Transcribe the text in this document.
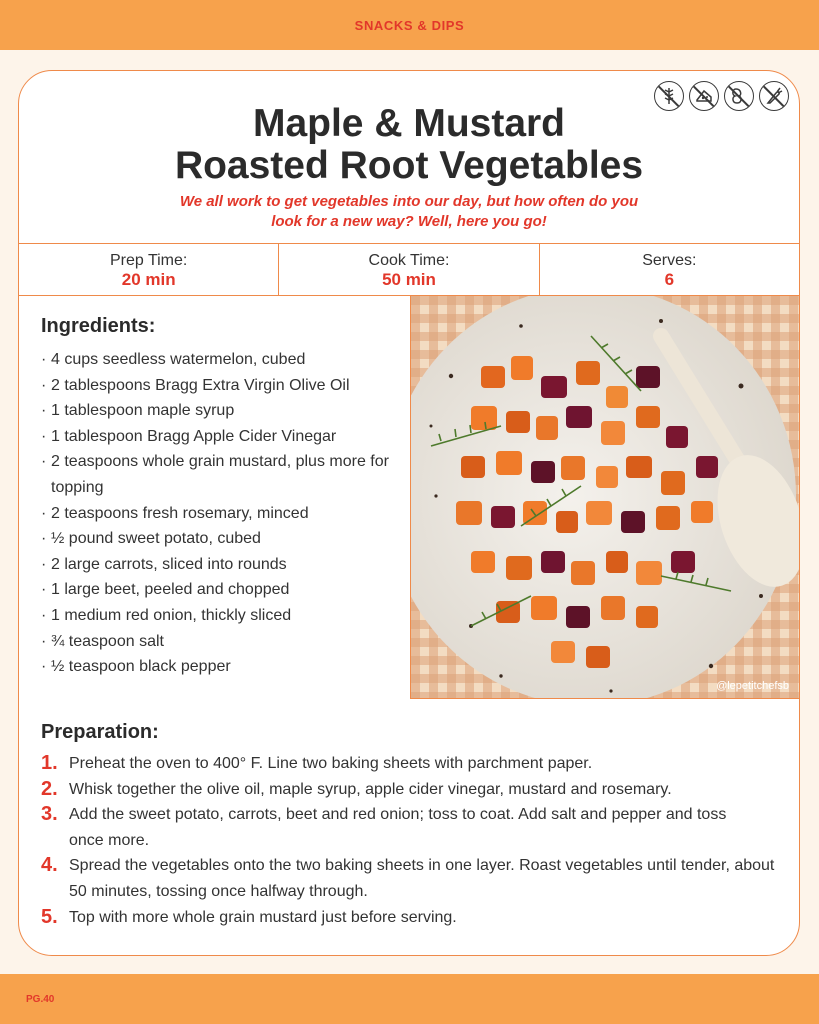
SNACKS & DIPS
Maple & Mustard
Roasted Root Vegetables
We all work to get vegetables into our day, but how often do you
look for a new way? Well, here you go!
Prep Time:
20 min
Cook Time:
50 min
Serves:
6
Ingredients:
· 4 cups seedless watermelon, cubed
· 2 tablespoons Bragg Extra Virgin Olive Oil
· 1 tablespoon maple syrup
· 1 tablespoon Bragg Apple Cider Vinegar
· 2 teaspoons whole grain mustard, plus more for topping
· 2 teaspoons fresh rosemary, minced
· ½ pound sweet potato, cubed
· 2 large carrots, sliced into rounds
· 1 large beet, peeled and chopped
· 1 medium red onion, thickly sliced
· ¾ teaspoon salt
· ½ teaspoon black pepper
@lepetitchefsb
Preparation:
1. Preheat the oven to 400° F. Line two baking sheets with parchment paper.
2. Whisk together the olive oil, maple syrup, apple cider vinegar, mustard and rosemary.
3. Add the sweet potato, carrots, beet and red onion; toss to coat. Add salt and pepper and toss once more.
4. Spread the vegetables onto the two baking sheets in one layer. Roast vegetables until tender, about 50 minutes, tossing once halfway through.
5. Top with more whole grain mustard just before serving.
PG.40
